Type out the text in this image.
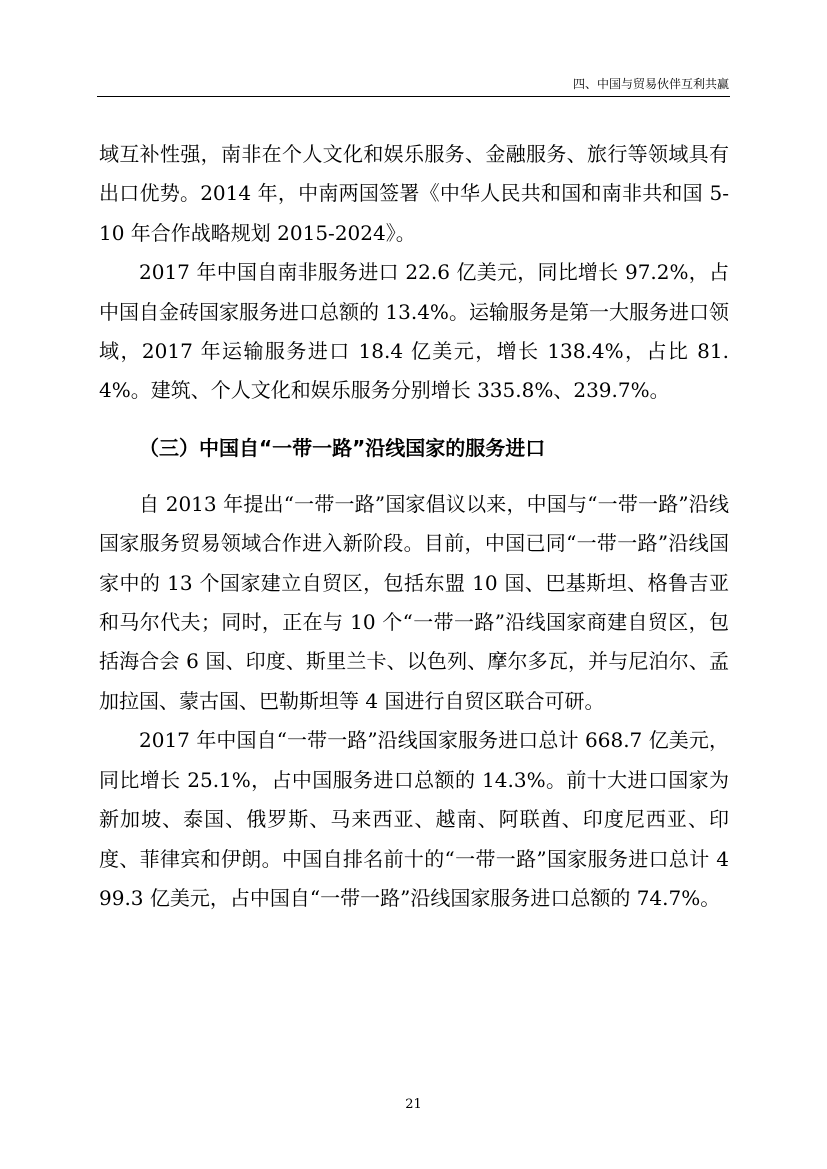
四、中国与贸易伙伴互利共赢

域互补性强，南非在个人文化和娱乐服务、金融服务、旅行等领域具有出口优势。2014 年，中南两国签署《中华人民共和国和南非共和国 5-10 年合作战略规划 2015-2024》。

2017 年中国自南非服务进口 22.6 亿美元，同比增长 97.2%，占中国自金砖国家服务进口总额的 13.4%。运输服务是第一大服务进口领域，2017 年运输服务进口 18.4 亿美元，增长 138.4%，占比 81.4%。建筑、个人文化和娱乐服务分别增长 335.8%、239.7%。

（三）中国自“一带一路”沿线国家的服务进口

自 2013 年提出“一带一路”国家倡议以来，中国与“一带一路”沿线国家服务贸易领域合作进入新阶段。目前，中国已同“一带一路”沿线国家中的 13 个国家建立自贸区，包括东盟 10 国、巴基斯坦、格鲁吉亚和马尔代夫；同时，正在与 10 个“一带一路”沿线国家商建自贸区，包括海合会 6 国、印度、斯里兰卡、以色列、摩尔多瓦，并与尼泊尔、孟加拉国、蒙古国、巴勒斯坦等 4 国进行自贸区联合可研。

2017 年中国自“一带一路”沿线国家服务进口总计 668.7 亿美元，同比增长 25.1%，占中国服务进口总额的 14.3%。前十大进口国家为新加坡、泰国、俄罗斯、马来西亚、越南、阿联酋、印度尼西亚、印度、菲律宾和伊朗。中国自排名前十的“一带一路”国家服务进口总计 499.3 亿美元，占中国自“一带一路”沿线国家服务进口总额的 74.7%。

21
